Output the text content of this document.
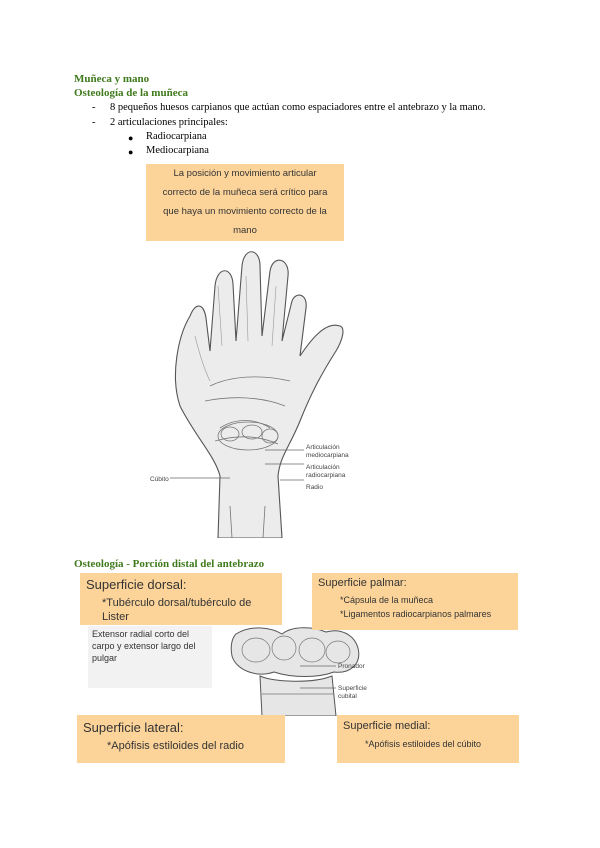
Muñeca y mano
Osteología de la muñeca
- 8 pequeños huesos carpianos que actúan como espaciadores entre el antebrazo y la mano.
- 2 articulaciones principales:
● Radiocarpiana
● Mediocarpiana

La posición y movimiento articular

correcto de la muñeca será crítico para

que haya un movimiento correcto de la

mano

Articulación
mediocarpiana
Articulación
radiocarpiana
Radio
Cúbito
Osteología - Porción distal del antebrazo
Pronador
Superficie
cubital

Superficie dorsal:

*Tubérculo dorsal/tubérculo de

Lister

Extensor radial corto del
carpo y extensor largo del
pulgar

Superficie palmar:

*Cápsula de la muñeca

*Ligamentos radiocarpianos palmares

Superficie lateral:

*Apófisis estiloides del radio

Superficie medial:

*Apófisis estiloides del cúbito
